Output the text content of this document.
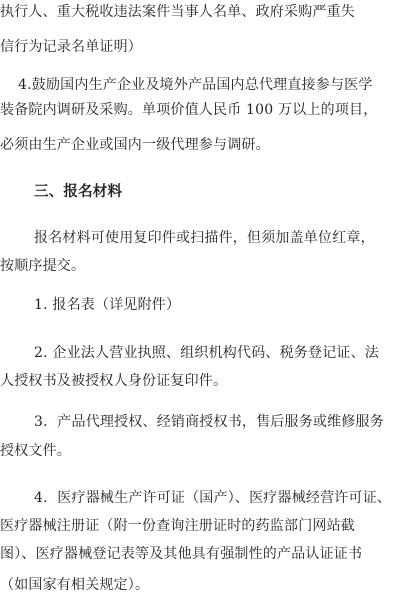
执行人、重大税收违法案件当事人名单、政府采购严重失
信行为记录名单证明）
4.鼓励国内生产企业及境外产品国内总代理直接参与医学
装备院内调研及采购。单项价值人民币 100 万以上的项目，
必须由生产企业或国内一级代理参与调研。
三、报名材料
报名材料可使用复印件或扫描件，但须加盖单位红章，
按顺序提交。
1. 报名表（详见附件）
2. 企业法人营业执照、组织机构代码、税务登记证、法
人授权书及被授权人身份证复印件。
3．产品代理授权、经销商授权书，售后服务或维修服务
授权文件。
4．医疗器械生产许可证（国产）、医疗器械经营许可证、
医疗器械注册证（附一份查询注册证时的药监部门网站截
图）、医疗器械登记表等及其他具有强制性的产品认证证书
（如国家有相关规定）。
